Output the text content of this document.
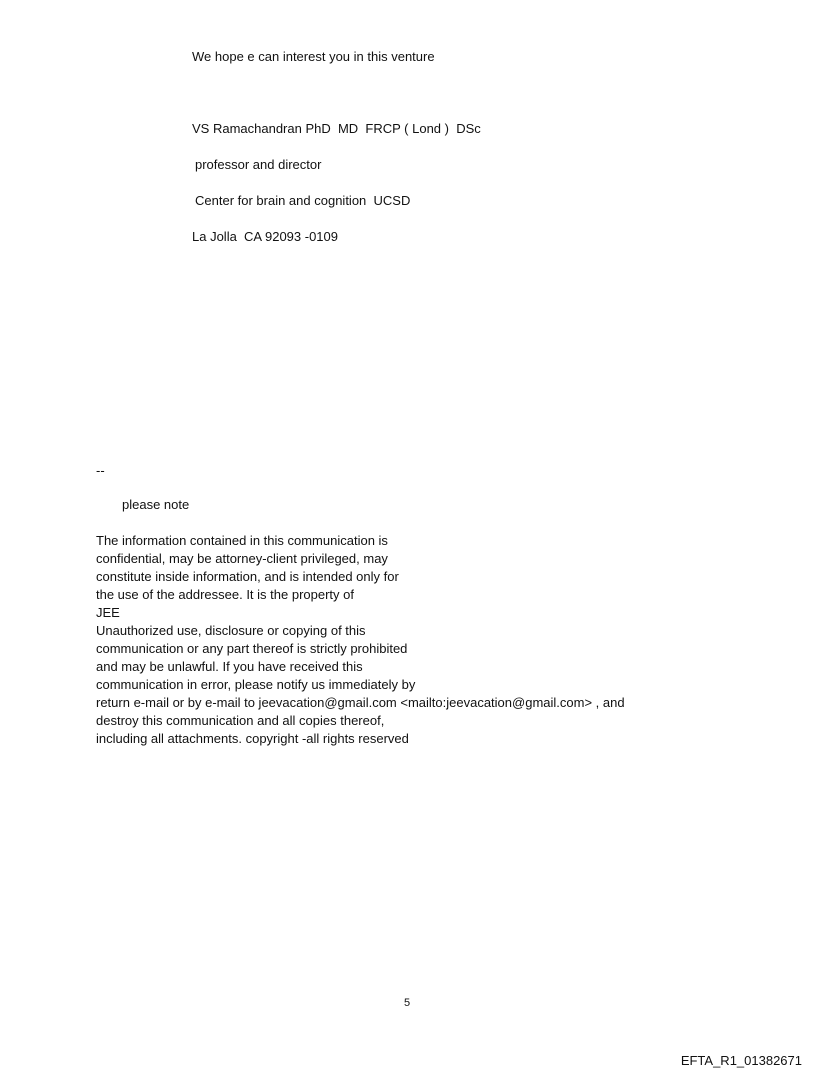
We hope e can interest you in this venture
VS Ramachandran PhD  MD  FRCP ( Lond )  DSc
professor and director
Center for brain and cognition  UCSD
La Jolla  CA 92093 -0109
--
please note
The information contained in this communication is
confidential, may be attorney-client privileged, may
constitute inside information, and is intended only for
the use of the addressee. It is the property of
JEE
Unauthorized use, disclosure or copying of this
communication or any part thereof is strictly prohibited
and may be unlawful. If you have received this
communication in error, please notify us immediately by
return e-mail or by e-mail to jeevacation@gmail.com <mailto:jeevacation@gmail.com> , and
destroy this communication and all copies thereof,
including all attachments. copyright -all rights reserved
5
EFTA_R1_01382671
